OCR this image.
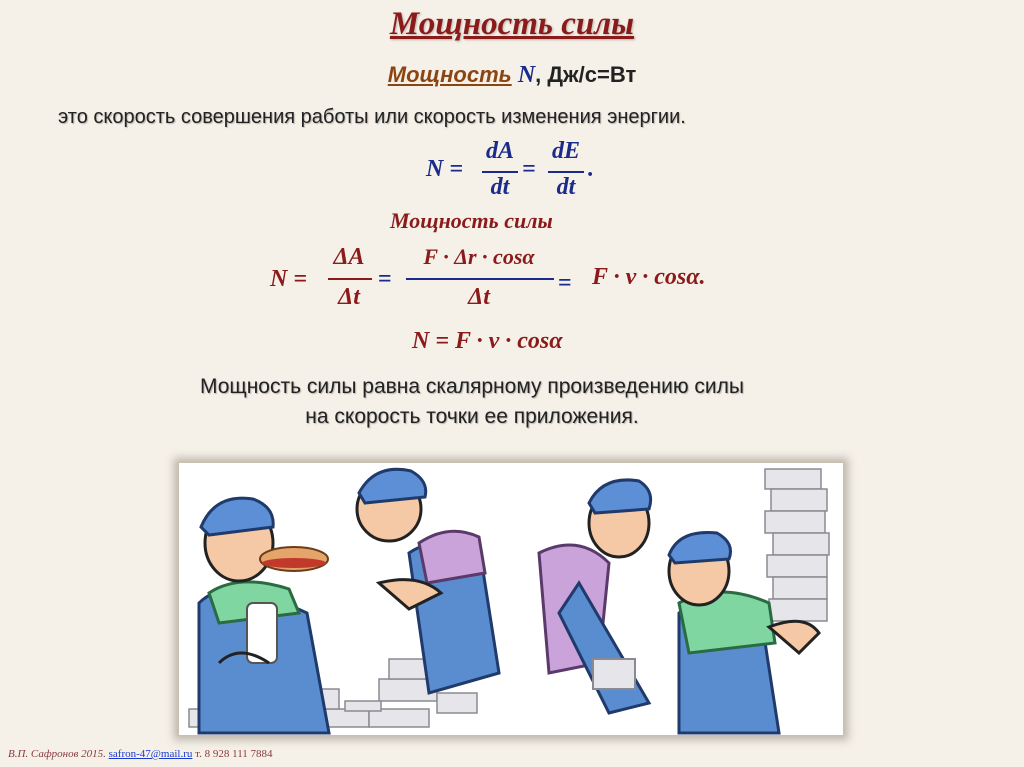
Мощность силы
Мощность N, Дж/с=Вт
это скорость совершения работы или скорость изменения энергии.
N =
dA
dt
=
dE
dt
.
Мощность силы
N =
ΔA
Δt
=
F · Δr · cosα
Δt
= F · v · cosα.
N = F · v · cosα
Мощность силы равна скалярному произведению силы
на скорость точки ее приложения.
В.П. Сафронов 2015. safron-47@mail.ru т. 8 928 111 7884
